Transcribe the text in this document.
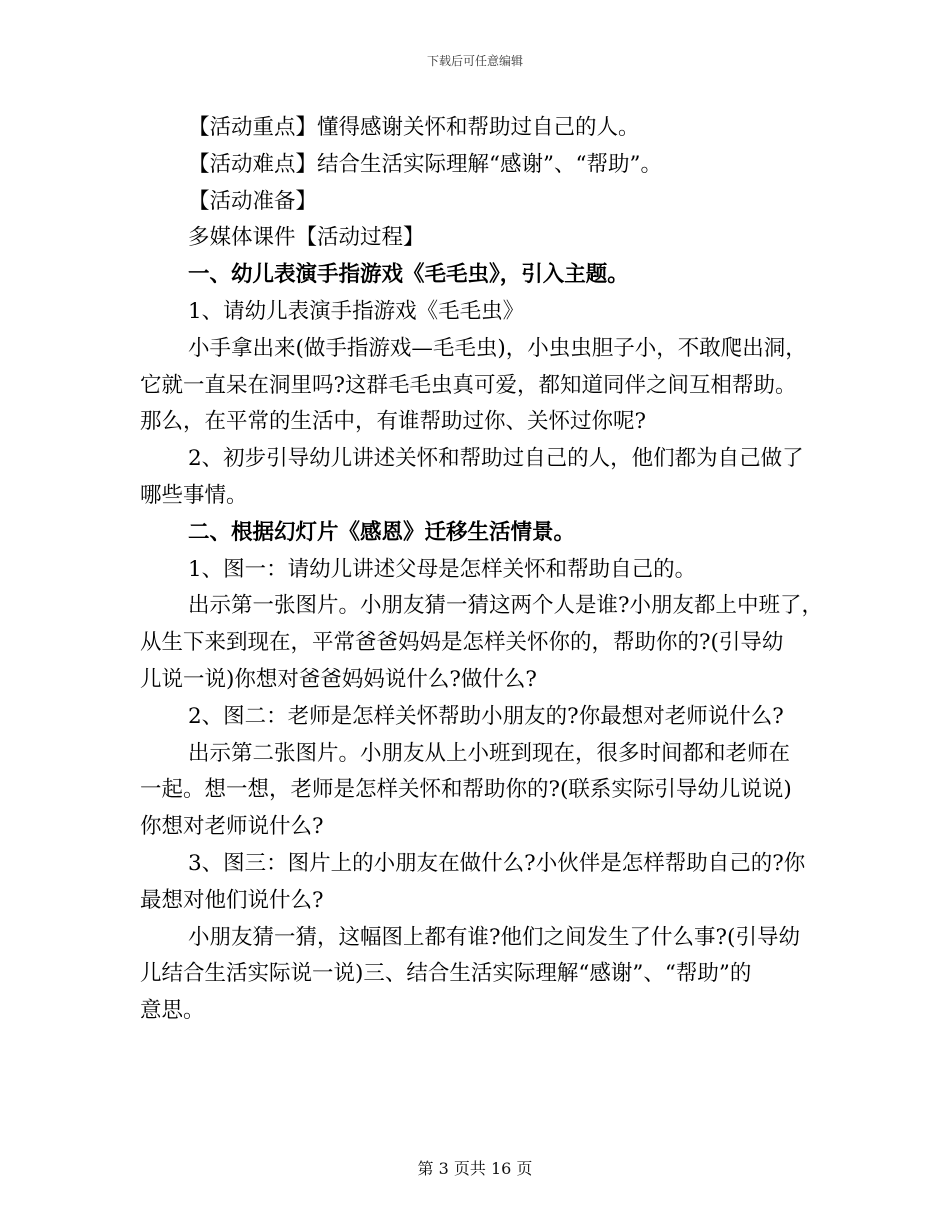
下载后可任意编辑
【活动重点】懂得感谢关怀和帮助过自己的人。
【活动难点】结合生活实际理解“感谢”、“帮助”。
【活动准备】
多媒体课件【活动过程】
一、幼儿表演手指游戏《毛毛虫》，引入主题。
1、请幼儿表演手指游戏《毛毛虫》
小手拿出来(做手指游戏—毛毛虫)，小虫虫胆子小，不敢爬出洞，
它就一直呆在洞里吗?这群毛毛虫真可爱，都知道同伴之间互相帮助。
那么，在平常的生活中，有谁帮助过你、关怀过你呢?
2、初步引导幼儿讲述关怀和帮助过自己的人，他们都为自己做了
哪些事情。
二、根据幻灯片《感恩》迁移生活情景。
1、图一：请幼儿讲述父母是怎样关怀和帮助自己的。
出示第一张图片。小朋友猜一猜这两个人是谁?小朋友都上中班了，
从生下来到现在，平常爸爸妈妈是怎样关怀你的，帮助你的?(引导幼
儿说一说)你想对爸爸妈妈说什么?做什么?
2、图二：老师是怎样关怀帮助小朋友的?你最想对老师说什么?
出示第二张图片。小朋友从上小班到现在，很多时间都和老师在
一起。想一想，老师是怎样关怀和帮助你的?(联系实际引导幼儿说说)
你想对老师说什么?
3、图三：图片上的小朋友在做什么?小伙伴是怎样帮助自己的?你
最想对他们说什么?
小朋友猜一猜，这幅图上都有谁?他们之间发生了什么事?(引导幼
儿结合生活实际说一说)三、结合生活实际理解“感谢”、“帮助”的
意思。
第 3 页共 16 页
